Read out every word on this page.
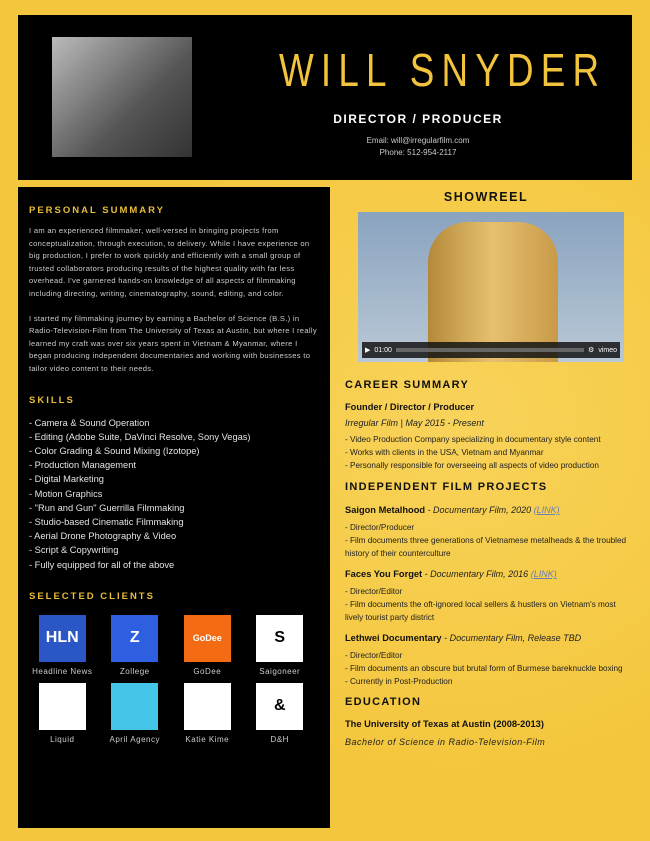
WILL SNYDER
DIRECTOR / PRODUCER
Email: will@irregularfilm.com
Phone: 512-954-2117
PERSONAL SUMMARY
I am an experienced filmmaker, well-versed in bringing projects from conceptualization, through execution, to delivery. While I have experience on big production, I prefer to work quickly and efficiently with a small group of trusted collaborators producing results of the highest quality with far less overhead. I've garnered hands-on knowledge of all aspects of filmmaking including directing, writing, cinematography, sound, editing, and color.
I started my filmmaking journey by earning a Bachelor of Science (B.S.) in Radio-Television-Film from The University of Texas at Austin, but where I really learned my craft was over six years spent in Vietnam & Myanmar, where I began producing independent documentaries and working with businesses to tailor video content to their needs.
SKILLS
- Camera & Sound Operation
- Editing (Adobe Suite, DaVinci Resolve, Sony Vegas)
- Color Grading & Sound Mixing (Izotope)
- Production Management
- Digital Marketing
- Motion Graphics
- "Run and Gun" Guerrilla Filmmaking
- Studio-based Cinematic Filmmaking
- Aerial Drone Photography & Video
- Script & Copywriting
- Fully equipped for all of the above
SELECTED CLIENTS
HLN
Headline News
Z
Zollege
GoDee
GoDee
S
Saigoneer
Liquid	April Agency	Katie Kime
&
D&H
SHOWREEL
▶ 01:00	⚙ vimeo
CAREER SUMMARY
Founder / Director / Producer
Irregular Film | May 2015 - Present
- Video Production Company specializing in documentary style content
- Works with clients in the USA, Vietnam and Myanmar
- Personally responsible for overseeing all aspects of video production
INDEPENDENT FILM PROJECTS
Saigon Metalhood - Documentary Film, 2020 (LINK)
- Director/Producer
- Film documents three generations of Vietnamese metalheads & the troubled history of their counterculture
Faces You Forget - Documentary Film, 2016 (LINK)
- Director/Editor
- Film documents the oft-ignored local sellers & hustlers on Vietnam's most lively tourist party district
Lethwei Documentary - Documentary Film, Release TBD
- Director/Editor
- Film documents an obscure but brutal form of Burmese bareknuckle boxing
- Currently in Post-Production
EDUCATION
The University of Texas at Austin (2008-2013)
Bachelor of Science in Radio-Television-Film
